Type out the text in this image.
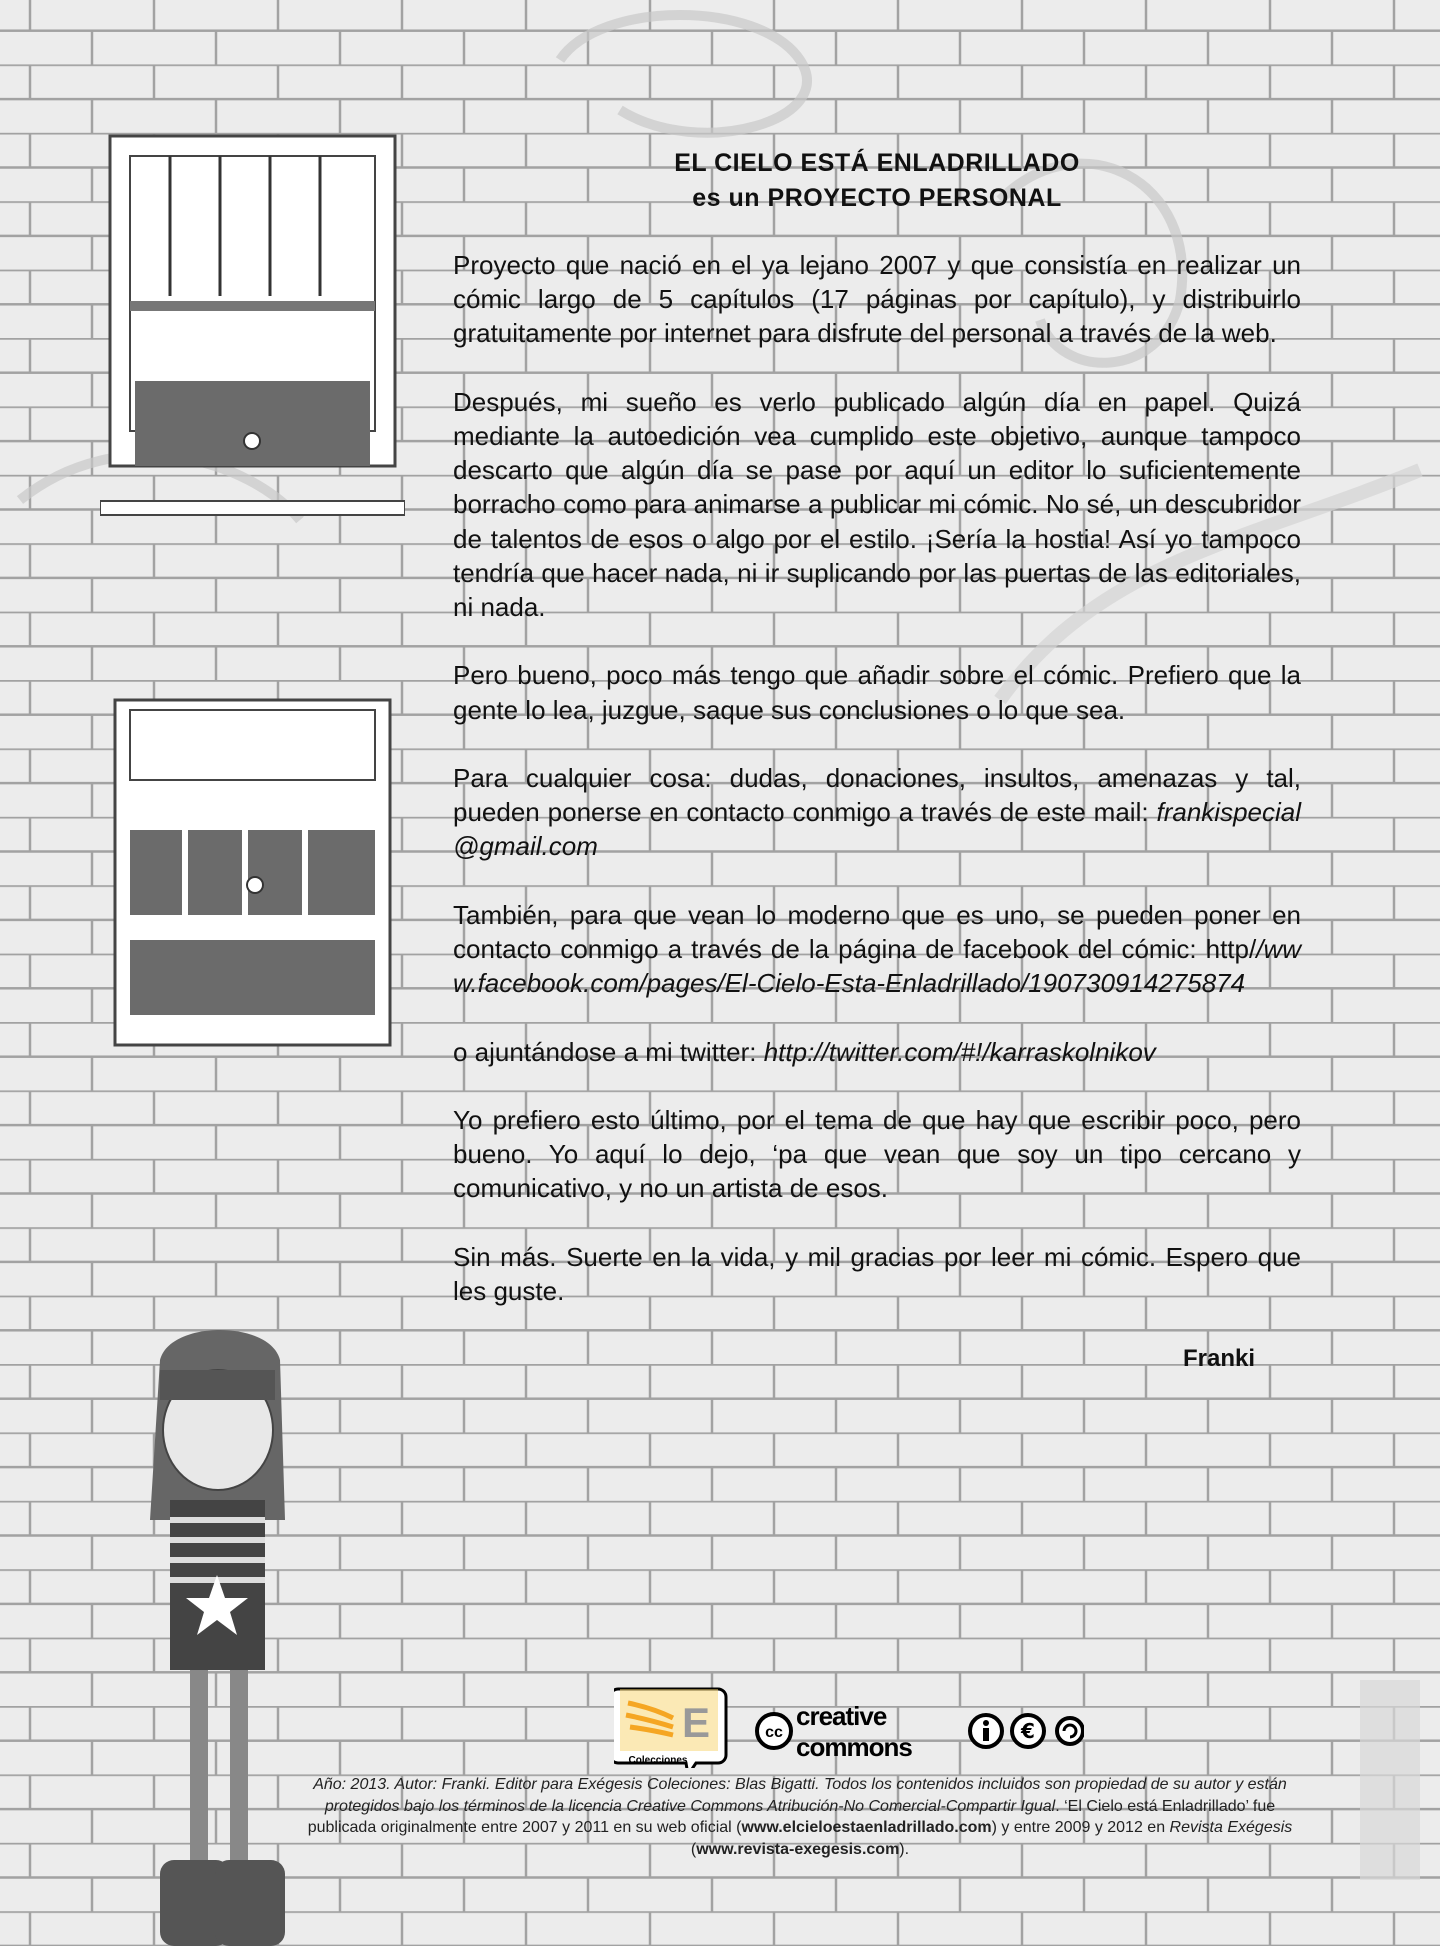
EL CIELO ESTÁ ENLADRILLADO
es un PROYECTO PERSONAL

Proyecto que nació en el ya lejano 2007 y que consistía en realizar un cómic largo de 5 capítulos (17 páginas por capítulo), y distribuirlo gratuitamente por internet para disfrute del personal a través de la web.

Después, mi sueño es verlo publicado algún día en papel. Quizá mediante la autoedición vea cumplido este objetivo, aunque tampoco descarto que algún día se pase por aquí un editor lo suficientemente borracho como para animarse a publicar mi cómic. No sé, un descubridor de talentos de esos o algo por el estilo. ¡Sería la hostia! Así yo tampoco tendría que hacer nada, ni ir suplicando por las puertas de las editoriales, ni nada.

Pero bueno, poco más tengo que añadir sobre el cómic. Prefiero que la gente lo lea, juzgue, saque sus conclusiones o lo que sea.

Para cualquier cosa: dudas, donaciones, insultos, amenazas y tal, pueden ponerse en contacto conmigo a través de este mail: frankispecial@gmail.com

También, para que vean lo moderno que es uno, se pueden poner en contacto conmigo a través de la página de facebook del cómic: http//www.facebook.com/pages/El-Cielo-Esta-Enladrillado/190730914275874

o ajuntándose a mi twitter: http://twitter.com/#!/karraskolnikov

Yo prefiero esto último, por el tema de que hay que escribir poco, pero bueno. Yo aquí lo dejo, ‘pa que vean que soy un tipo cercano y comunicativo, y no un artista de esos.

Sin más. Suerte en la vida, y mil gracias por leer mi cómic. Espero que les guste.

Franki
E
Colecciones
cc
creative
commons
€
Año: 2013. Autor: Franki. Editor para Exégesis Coleciones: Blas Bigatti. Todos los contenidos incluidos son propiedad de su autor y están protegidos bajo los términos de la licencia Creative Commons Atribución-No Comercial-Compartir Igual. ‘El Cielo está Enladrillado’ fue publicada originalmente entre 2007 y 2011 en su web oficial (www.elcieloestaenladrillado.com) y entre 2009 y 2012 en Revista Exégesis (www.revista-exegesis.com).
